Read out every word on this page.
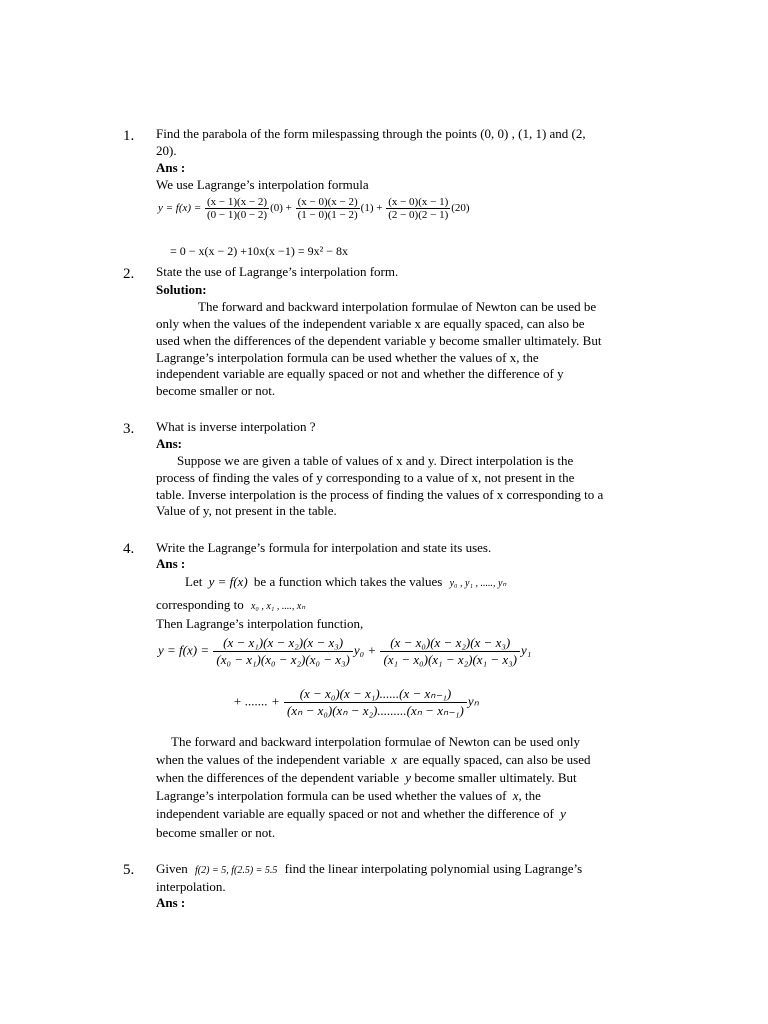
1. Find the parabola of the form milespassing through the points (0, 0) , (1, 1) and (2,
20).
Ans :
We use Lagrange’s interpolation formula
$y = f(x) = \frac{(x - 1)(x - 2)}{(0 - 1)(0 - 2)} (0) + \frac{(x - 0)(x - 2)}{(1 - 0)(1 - 2)} (1) + \frac{(x - 0)(x - 1)}{(2 - 0)(2 - 1)} (20)$
= 0 − x(x − 2) +10x(x −1) = 9x² − 8x
2. State the use of Lagrange’s interpolation form.
Solution:
The forward and backward interpolation formulae of Newton can be used be
only when the values of the independent variable x are equally spaced, can also be
used when the differences of the dependent variable y become smaller ultimately. But
Lagrange’s interpolation formula can be used whether the values of x, the
independent variable are equally spaced or not and whether the difference of y
become smaller or not.
3. What is inverse interpolation ?
Ans:
Suppose we are given a table of values of x and y. Direct interpolation is the
process of finding the vales of y corresponding to a value of x, not present in the
table. Inverse interpolation is the process of finding the values of x corresponding to a
Value of y, not present in the table.
4. Write the Lagrange’s formula for interpolation and state its uses.
Ans :
Let y = f(x) be a function which takes the values y₀ , y₁ , ....., yₙ
corresponding to x₀ , x₁ , ...., xₙ
Then Lagrange’s interpolation function,
$y = f(x) = \frac{\text{(x − x₁)(x − x₂)(x − x₃)}}{\text{(x₀ − x₁)(x₀ − x₂)(x₀ − x₃)}} y_0 + \frac{\text{(x − x₀)(x − x₂)(x − x₃)}}{\text{(x₁ − x₀)(x₁ − x₂)(x₁ − x₃)}} y_1$
+ ....... + $\frac{\text{(x − x₀)(x − x₁)......(x − xₙ₋₁)}}{\text{(xₙ − x₀)(xₙ − x₂).........(xₙ − xₙ₋₁)}}$ yₙ
The forward and backward interpolation formulae of Newton can be used only
when the values of the independent variable x are equally spaced, can also be used
when the differences of the dependent variable y become smaller ultimately. But
Lagrange’s interpolation formula can be used whether the values of x, the
independent variable are equally spaced or not and whether the difference of y
become smaller or not.
5. Given f(2) = 5, f(2.5) = 5.5 find the linear interpolating polynomial using Lagrange’s
interpolation.
Ans :
